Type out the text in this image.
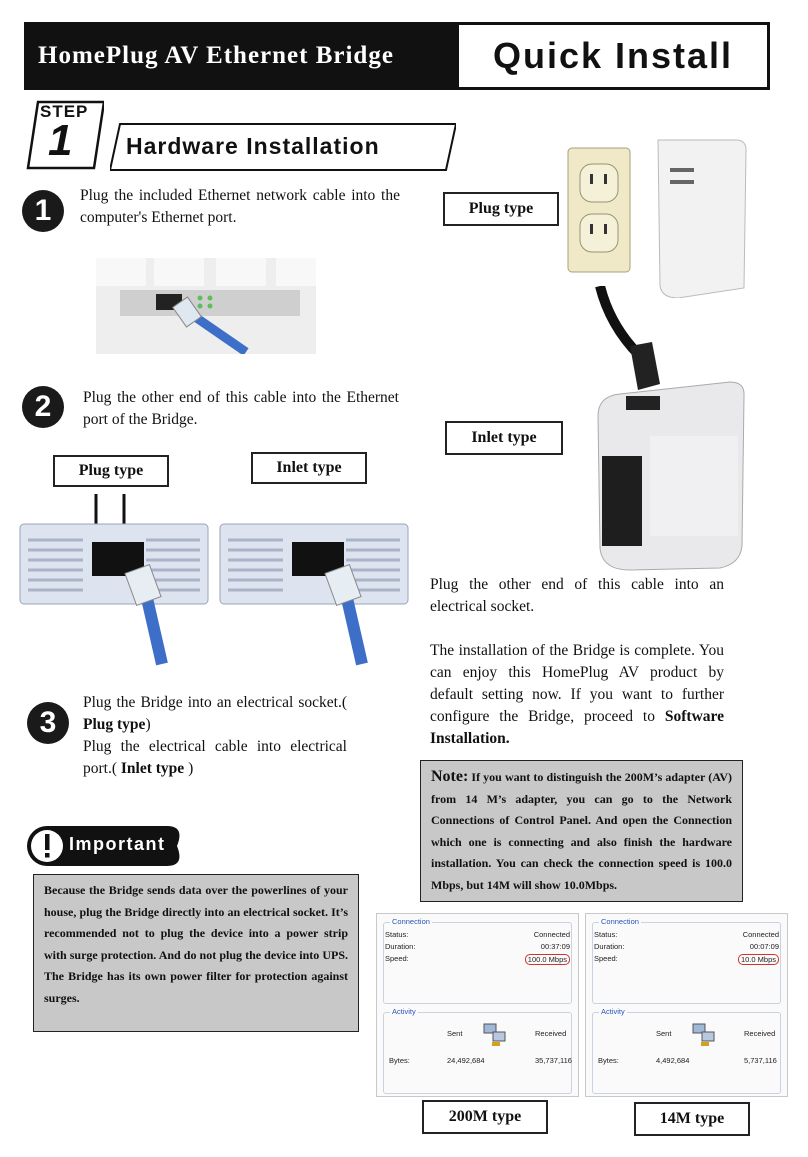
HomePlug AV Ethernet Bridge	Quick Install
STEP
1 Hardware Installation
1	Plug the included Ethernet network cable into the computer's Ethernet port.
2	Plug the other end of this cable into the Ethernet port of the Bridge.
Plug type	Inlet type
3
Plug the Bridge into an electrical socket.( Plug type)
Plug the electrical cable into electrical port.( Inlet type )
Important
Because the Bridge sends data over the powerlines of your house, plug the Bridge directly into an electrical socket. It’s recommended not to plug the device into a power strip with surge protection. And do not plug the device into UPS. The Bridge has its own power filter for protection against surges.
Plug type
Inlet type
Plug the other end of this cable into an electrical socket.
The installation of the Bridge is complete. You can enjoy this HomePlug AV product by default setting now. If you want to further configure the Bridge, proceed to Software Installation.
Note: If you want to distinguish the 200M’s adapter (AV) from 14 M’s adapter, you can go to the Network Connections of Control Panel. And open the Connection which one is connecting and also finish the hardware installation. You can check the connection speed is 100.0 Mbps, but 14M will show 10.0Mbps.
Connection
Status:	Connected
Duration:	00:37:09
Speed:	100.0 Mbps
Activity
Sent	Received
Bytes:	24,492,684	35,737,116
Connection
Status:	Connected
Duration:	00:07:09
Speed:	10.0 Mbps
Activity
Sent	Received
Bytes:	4,492,684	5,737,116
200M type	14M type
